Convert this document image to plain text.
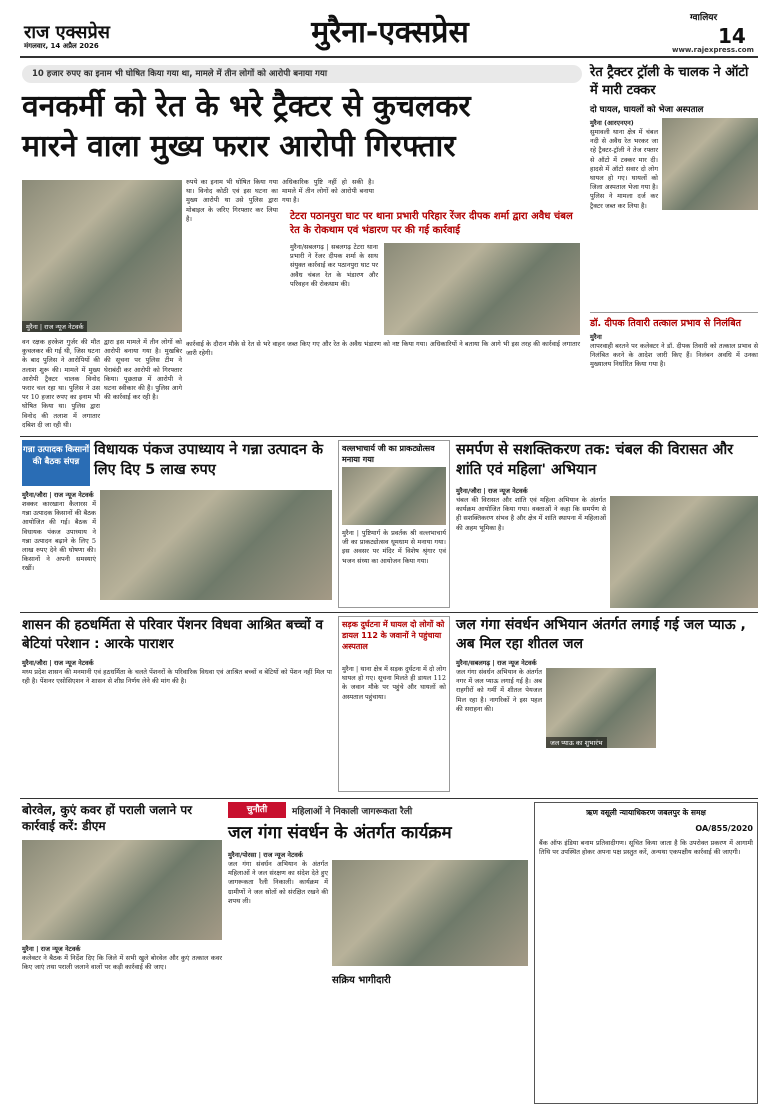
राज एक्सप्रेस
मंगलवार, 14 अप्रैल 2026	मुरैना-एक्सप्रेस	ग्वालियर
14
www.rajexpress.com
10 हजार रुपए का इनाम भी घोषित किया गया था, मामले में तीन लोगों को आरोपी बनाया गया
वनकर्मी को रेत के भरे ट्रैक्टर से कुचलकर
मारने वाला मुख्य फरार आरोपी गिरफ्तार
मुरैना | राज न्यूज नेटवर्क
वन रक्षक हरकेश गुर्जर की मौत कुचलकर की गई थी, जिस घटना के बाद पुलिस ने आरोपियों की तलाश शुरू की। मामले में मुख्य आरोपी ट्रैक्टर चालक विनोद फरार चल रहा था। पुलिस ने उस पर 10 हजार रुपए का इनाम भी घोषित किया था। पुलिस द्वारा विनोद की तलाश में लगातार दबिश दी जा रही थी।
द्वारा इस मामले में तीन लोगों को आरोपी बनाया गया है। मुखबिर की सूचना पर पुलिस टीम ने घेराबंदी कर आरोपी को गिरफ्तार किया। पूछताछ में आरोपी ने घटना स्वीकार की है। पुलिस आगे की कार्रवाई कर रही है।
रुपये का इनाम भी घोषित किया गया था। विनोद कोठी एवं इस घटना का मुख्य आरोपी था उसे पुलिस द्वारा मोबाइल के जरिए गिरफ्तार कर लिया है।
अधिकारिक पुष्टि नहीं हो सकी है। मामले में तीन लोगों को आरोपी बनाया गया है।
टेटरा पठानपुरा घाट पर थाना प्रभारी परिहार रेंजर दीपक शर्मा द्वारा अवैध चंबल रेत के रोकथाम एवं भंडारण पर की गई कार्रवाई
मुरैना/सबलगढ़ | सबलगढ़ टेटरा थाना प्रभारी ने रेंजर दीपक शर्मा के साथ संयुक्त कार्रवाई कर पठानपुरा घाट पर अवैध चंबल रेत के भंडारण और परिवहन की रोकथाम की।
कार्रवाई के दौरान मौके से रेत से भरे वाहन जब्त किए गए और रेत के अवैध भंडारण को नष्ट किया गया। अधिकारियों ने बताया कि आगे भी इस तरह की कार्रवाई लगातार जारी रहेगी।
रेत ट्रैक्टर ट्रॉली के चालक ने ऑटो में मारी टक्कर
दो घायल, घायलों को भेजा अस्पताल
मुरैना (आरएनएन)
सुमावली थाना क्षेत्र में चंबल नदी से अवैध रेत भरकर जा रहे ट्रैक्टर-ट्रॉली ने तेज रफ्तार से ऑटो में टक्कर मार दी। हादसे में ऑटो सवार दो लोग घायल हो गए। घायलों को जिला अस्पताल भेजा गया है। पुलिस ने मामला दर्ज कर ट्रैक्टर जब्त कर लिया है।
डॉ. दीपक तिवारी तत्काल प्रभाव से निलंबित
मुरैना
लापरवाही बरतने पर कलेक्टर ने डॉ. दीपक तिवारी को तत्काल प्रभाव से निलंबित करने के आदेश जारी किए हैं। निलंबन अवधि में उनका मुख्यालय निर्धारित किया गया है।
गन्ना उत्पादक किसानों की बैठक संपन्न
विधायक पंकज उपाध्याय ने गन्ना उत्पादन के लिए दिए 5 लाख रुपए
मुरैना/जौरा | राज न्यूज नेटवर्क
शक्कर कारखाना कैलारस में गन्ना उत्पादक किसानों की बैठक आयोजित की गई। बैठक में विधायक पंकज उपाध्याय ने गन्ना उत्पादन बढ़ाने के लिए 5 लाख रुपए देने की घोषणा की। किसानों ने अपनी समस्याएं रखीं।
वल्लभाचार्य जी का प्राकट्योत्सव मनाया गया
मुरैना | पुष्टिमार्ग के प्रवर्तक श्री वल्लभाचार्य जी का प्राकट्योत्सव धूमधाम से मनाया गया। इस अवसर पर मंदिर में विशेष श्रृंगार एवं भजन संध्या का आयोजन किया गया।
समर्पण से सशक्तिकरण तक: चंबल की विरासत और शांति एवं महिला' अभियान
मुरैना/जौरा | राज न्यूज नेटवर्क
चंबल की विरासत और शांति एवं महिला अभियान के अंतर्गत कार्यक्रम आयोजित किया गया। वक्ताओं ने कहा कि समर्पण से ही सशक्तिकरण संभव है और क्षेत्र में शांति स्थापना में महिलाओं की अहम भूमिका है।
शासन की हठधर्मिता से परिवार पेंशनर विधवा आश्रित बच्चों व बेटियां परेशान : आरके पाराशर
मुरैना/जौरा | राज न्यूज नेटवर्क
मध्य प्रदेश शासन की मनमानी एवं हठधर्मिता के चलते पेंशनरों के परिवारिक विधवा एवं आश्रित बच्चों व बेटियों को पेंशन नहीं मिल पा रही है। पेंशनर एसोसिएशन ने शासन से शीघ्र निर्णय लेने की मांग की है।
सड़क दुर्घटना में घायल दो लोगों को डायल 112 के जवानों ने पहुंचाया अस्पताल
मुरैना | थाना क्षेत्र में सड़क दुर्घटना में दो लोग घायल हो गए। सूचना मिलते ही डायल 112 के जवान मौके पर पहुंचे और घायलों को अस्पताल पहुंचाया।
जल गंगा संवर्धन अभियान अंतर्गत लगाई गई जल प्याऊ , अब मिल रहा शीतल जल
मुरैना/सबलगढ़ | राज न्यूज नेटवर्क
जल गंगा संवर्धन अभियान के अंतर्गत नगर में जल प्याऊ लगाई गई है। अब राहगीरों को गर्मी में शीतल पेयजल मिल रहा है। नागरिकों ने इस पहल की सराहना की।
जल प्याऊ का शुभारंभ
बोरवेल, कुएं कवर हों पराली जलाने पर कार्रवाई करें: डीएम
मुरैना | राज न्यूज नेटवर्क
कलेक्टर ने बैठक में निर्देश दिए कि जिले में सभी खुले बोरवेल और कुएं तत्काल कवर किए जाएं तथा पराली जलाने वालों पर कड़ी कार्रवाई की जाए।
चुनौती	महिलाओं ने निकाली जागरूकता रैली
जल गंगा संवर्धन के अंतर्गत कार्यक्रम
मुरैना/पोरसा | राज न्यूज नेटवर्क
जल गंगा संवर्धन अभियान के अंतर्गत महिलाओं ने जल संरक्षण का संदेश देते हुए जागरूकता रैली निकाली। कार्यक्रम में ग्रामीणों ने जल स्रोतों को संरक्षित रखने की शपथ ली।
सक्रिय भागीदारी
ऋण वसूली न्यायाधिकरण जबलपुर के समक्ष
OA/855/2020
बैंक ऑफ इंडिया बनाम प्रतिवादीगण। सूचित किया जाता है कि उपरोक्त प्रकरण में आगामी तिथि पर उपस्थित होकर अपना पक्ष प्रस्तुत करें, अन्यथा एकपक्षीय कार्रवाई की जाएगी।
